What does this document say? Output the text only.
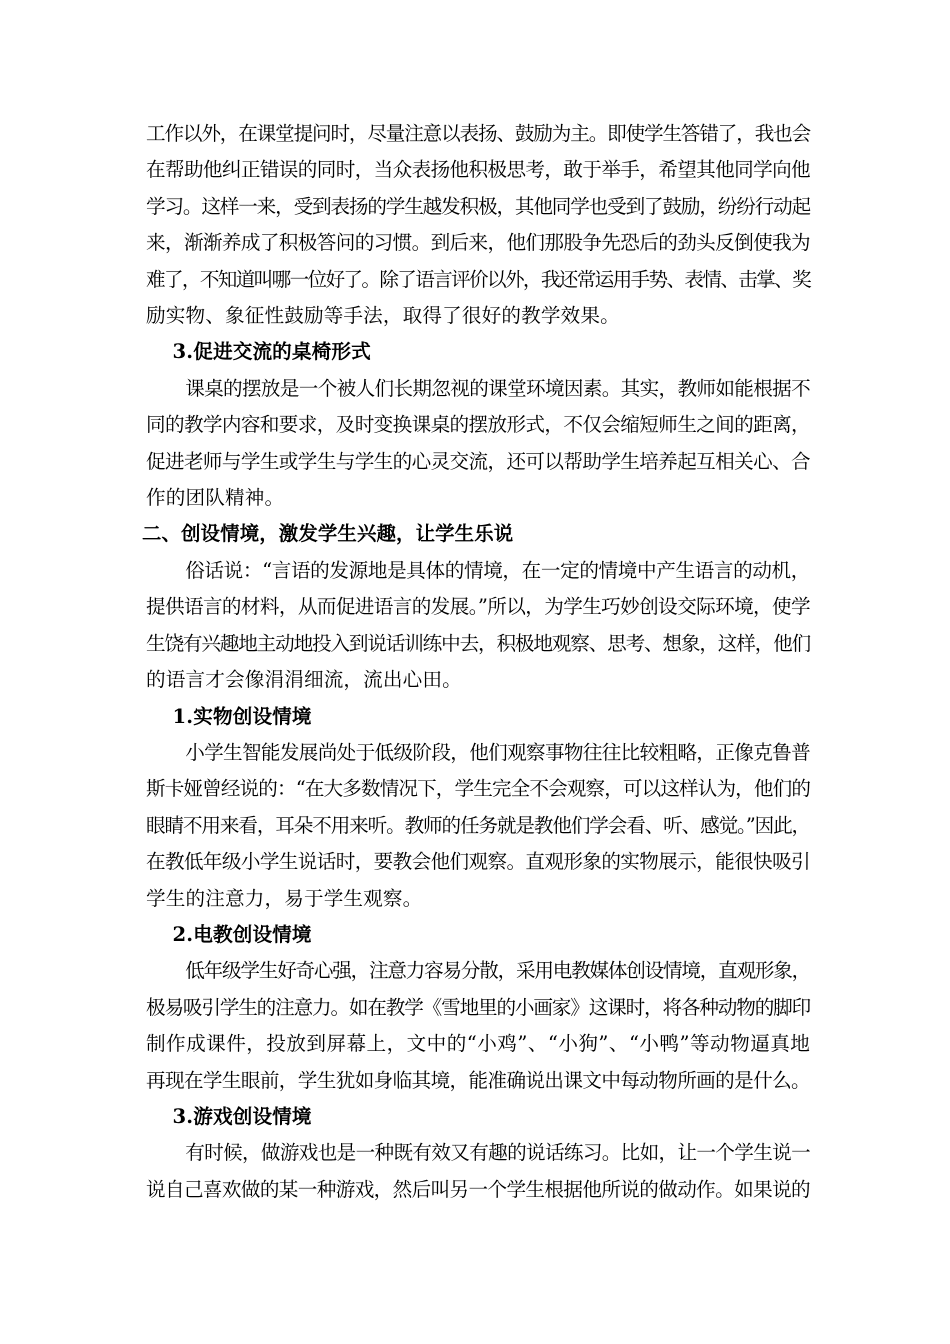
工作以外，在课堂提问时，尽量注意以表扬、鼓励为主。即使学生答错了，我也会
在帮助他纠正错误的同时，当众表扬他积极思考，敢于举手，希望其他同学向他
学习。这样一来，受到表扬的学生越发积极，其他同学也受到了鼓励，纷纷行动起
来，渐渐养成了积极答问的习惯。到后来，他们那股争先恐后的劲头反倒使我为
难了，不知道叫哪一位好了。除了语言评价以外，我还常运用手势、表情、击掌、奖
励实物、象征性鼓励等手法，取得了很好的教学效果。

3.促进交流的桌椅形式

课桌的摆放是一个被人们长期忽视的课堂环境因素。其实，教师如能根据不
同的教学内容和要求，及时变换课桌的摆放形式，不仅会缩短师生之间的距离，
促进老师与学生或学生与学生的心灵交流，还可以帮助学生培养起互相关心、合
作的团队精神。

二、创设情境，激发学生兴趣，让学生乐说

俗话说：“言语的发源地是具体的情境，在一定的情境中产生语言的动机，
提供语言的材料，从而促进语言的发展。”所以，为学生巧妙创设交际环境，使学
生饶有兴趣地主动地投入到说话训练中去，积极地观察、思考、想象，这样，他们
的语言才会像涓涓细流，流出心田。

1.实物创设情境

小学生智能发展尚处于低级阶段，他们观察事物往往比较粗略，正像克鲁普
斯卡娅曾经说的：“在大多数情况下，学生完全不会观察，可以这样认为，他们的
眼睛不用来看，耳朵不用来听。教师的任务就是教他们学会看、听、感觉。”因此，
在教低年级小学生说话时，要教会他们观察。直观形象的实物展示，能很快吸引
学生的注意力，易于学生观察。

2.电教创设情境

低年级学生好奇心强，注意力容易分散，采用电教媒体创设情境，直观形象，
极易吸引学生的注意力。如在教学《雪地里的小画家》这课时，将各种动物的脚印
制作成课件，投放到屏幕上，文中的“小鸡”、“小狗”、“小鸭”等动物逼真地
再现在学生眼前，学生犹如身临其境，能准确说出课文中每动物所画的是什么。

3.游戏创设情境

有时候，做游戏也是一种既有效又有趣的说话练习。比如，让一个学生说一
说自己喜欢做的某一种游戏，然后叫另一个学生根据他所说的做动作。如果说的
